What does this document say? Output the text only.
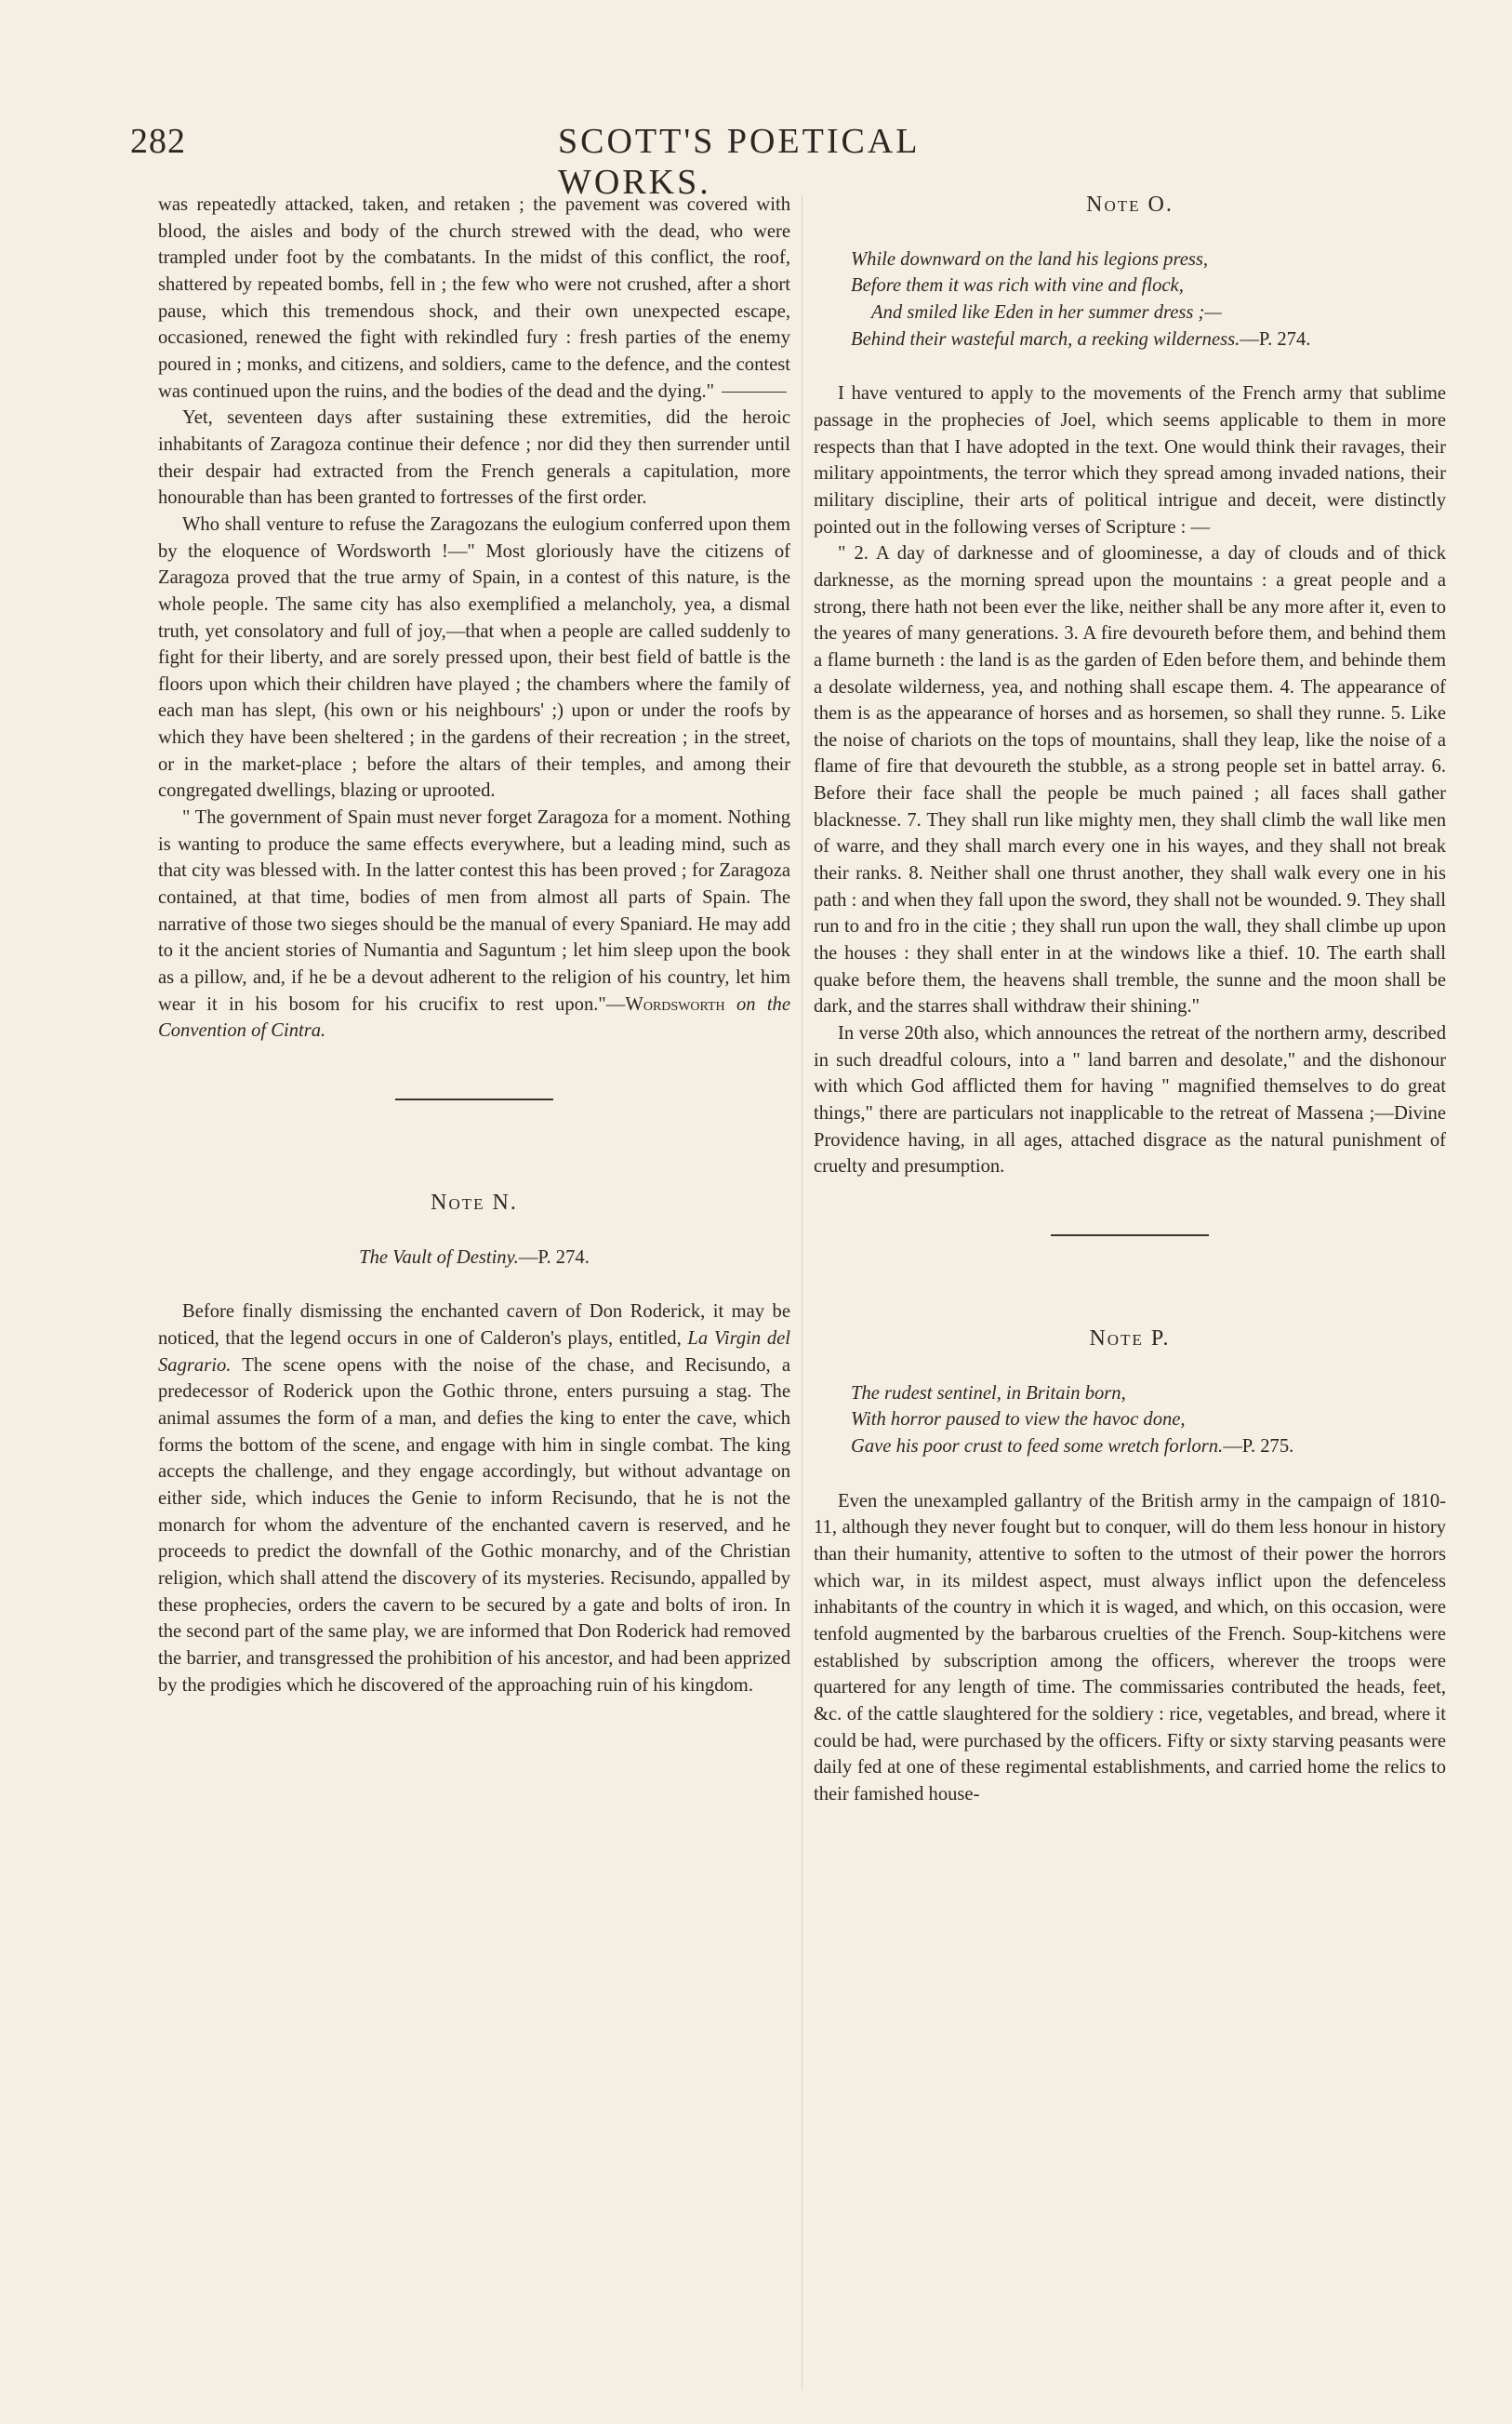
282	SCOTT'S POETICAL WORKS.

was repeatedly attacked, taken, and retaken ; the pavement was covered with blood, the aisles and body of the church strewed with the dead, who were trampled under foot by the combatants. In the midst of this conflict, the roof, shattered by repeated bombs, fell in ; the few who were not crushed, after a short pause, which this tremendous shock, and their own unexpected escape, occasioned, renewed the fight with rekindled fury : fresh parties of the enemy poured in ; monks, and citizens, and soldiers, came to the defence, and the contest was continued upon the ruins, and the bodies of the dead and the dying."

Yet, seventeen days after sustaining these extremities, did the heroic inhabitants of Zaragoza continue their defence ; nor did they then surrender until their despair had extracted from the French generals a capitulation, more honourable than has been granted to fortresses of the first order.

Who shall venture to refuse the Zaragozans the eulogium conferred upon them by the eloquence of Wordsworth !—" Most gloriously have the citizens of Zaragoza proved that the true army of Spain, in a contest of this nature, is the whole people. The same city has also exemplified a melancholy, yea, a dismal truth, yet consolatory and full of joy,—that when a people are called suddenly to fight for their liberty, and are sorely pressed upon, their best field of battle is the floors upon which their children have played ; the chambers where the family of each man has slept, (his own or his neighbours' ;) upon or under the roofs by which they have been sheltered ; in the gardens of their recreation ; in the street, or in the market-place ; before the altars of their temples, and among their congregated dwellings, blazing or uprooted.

" The government of Spain must never forget Zaragoza for a moment. Nothing is wanting to produce the same effects everywhere, but a leading mind, such as that city was blessed with. In the latter contest this has been proved ; for Zaragoza contained, at that time, bodies of men from almost all parts of Spain. The narrative of those two sieges should be the manual of every Spaniard. He may add to it the ancient stories of Numantia and Saguntum ; let him sleep upon the book as a pillow, and, if he be a devout adherent to the religion of his country, let him wear it in his bosom for his crucifix to rest upon."—Wordsworth on the Convention of Cintra.

Note N.
The Vault of Destiny.—P. 274.

Before finally dismissing the enchanted cavern of Don Roderick, it may be noticed, that the legend occurs in one of Calderon's plays, entitled, La Virgin del Sagrario. The scene opens with the noise of the chase, and Recisundo, a predecessor of Roderick upon the Gothic throne, enters pursuing a stag. The animal assumes the form of a man, and defies the king to enter the cave, which forms the bottom of the scene, and engage with him in single combat. The king accepts the challenge, and they engage accordingly, but without advantage on either side, which induces the Genie to inform Recisundo, that he is not the monarch for whom the adventure of the enchanted cavern is reserved, and he proceeds to predict the downfall of the Gothic monarchy, and of the Christian religion, which shall attend the discovery of its mysteries. Recisundo, appalled by these prophecies, orders the cavern to be secured by a gate and bolts of iron. In the second part of the same play, we are informed that Don Roderick had removed the barrier, and transgressed the prohibition of his ancestor, and had been apprized by the prodigies which he discovered of the approaching ruin of his kingdom.

Note O.
While downward on the land his legions press,
Before them it was rich with vine and flock,
And smiled like Eden in her summer dress ;—
Behind their wasteful march, a reeking wilderness.—P. 274.

I have ventured to apply to the movements of the French army that sublime passage in the prophecies of Joel, which seems applicable to them in more respects than that I have adopted in the text. One would think their ravages, their military appointments, the terror which they spread among invaded nations, their military discipline, their arts of political intrigue and deceit, were distinctly pointed out in the following verses of Scripture : —

" 2. A day of darknesse and of gloominesse, a day of clouds and of thick darknesse, as the morning spread upon the mountains : a great people and a strong, there hath not been ever the like, neither shall be any more after it, even to the yeares of many generations. 3. A fire devoureth before them, and behind them a flame burneth : the land is as the garden of Eden before them, and behinde them a desolate wilderness, yea, and nothing shall escape them. 4. The appearance of them is as the appearance of horses and as horsemen, so shall they runne. 5. Like the noise of chariots on the tops of mountains, shall they leap, like the noise of a flame of fire that devoureth the stubble, as a strong people set in battel array. 6. Before their face shall the people be much pained ; all faces shall gather blacknesse. 7. They shall run like mighty men, they shall climb the wall like men of warre, and they shall march every one in his wayes, and they shall not break their ranks. 8. Neither shall one thrust another, they shall walk every one in his path : and when they fall upon the sword, they shall not be wounded. 9. They shall run to and fro in the citie ; they shall run upon the wall, they shall climbe up upon the houses : they shall enter in at the windows like a thief. 10. The earth shall quake before them, the heavens shall tremble, the sunne and the moon shall be dark, and the starres shall withdraw their shining."

In verse 20th also, which announces the retreat of the northern army, described in such dreadful colours, into a " land barren and desolate," and the dishonour with which God afflicted them for having " magnified themselves to do great things," there are particulars not inapplicable to the retreat of Massena ;—Divine Providence having, in all ages, attached disgrace as the natural punishment of cruelty and presumption.

Note P.
The rudest sentinel, in Britain born,
With horror paused to view the havoc done,
Gave his poor crust to feed some wretch forlorn.—P. 275.

Even the unexampled gallantry of the British army in the campaign of 1810-11, although they never fought but to conquer, will do them less honour in history than their humanity, attentive to soften to the utmost of their power the horrors which war, in its mildest aspect, must always inflict upon the defenceless inhabitants of the country in which it is waged, and which, on this occasion, were tenfold augmented by the barbarous cruelties of the French. Soup-kitchens were established by subscription among the officers, wherever the troops were quartered for any length of time. The commissaries contributed the heads, feet, &c. of the cattle slaughtered for the soldiery : rice, vegetables, and bread, where it could be had, were purchased by the officers. Fifty or sixty starving peasants were daily fed at one of these regimental establishments, and carried home the relics to their famished house-
